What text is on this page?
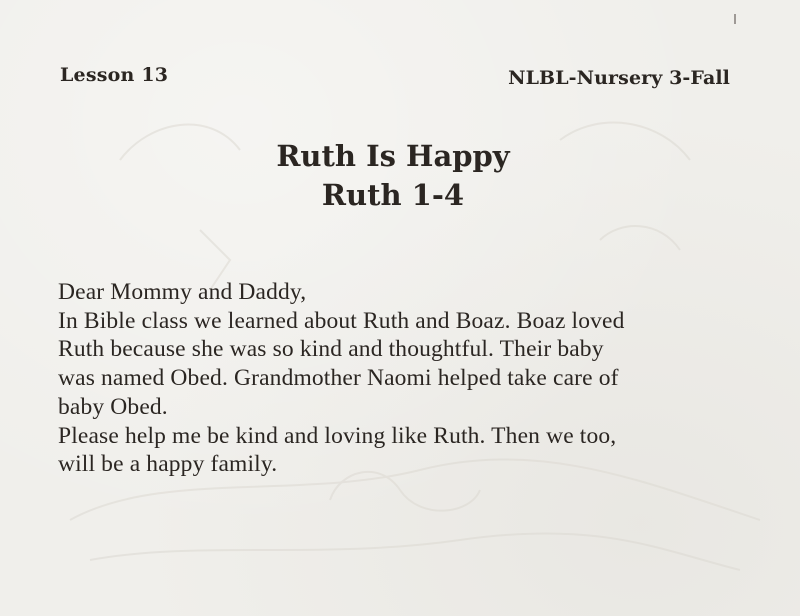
Lesson 13	NLBL-Nursery 3-Fall
Ruth Is Happy
Ruth 1-4
Dear Mommy and Daddy,
In Bible class we learned about Ruth and Boaz. Boaz loved
Ruth because she was so kind and thoughtful. Their baby
was named Obed. Grandmother Naomi helped take care of
baby Obed.
Please help me be kind and loving like Ruth. Then we too,
will be a happy family.
